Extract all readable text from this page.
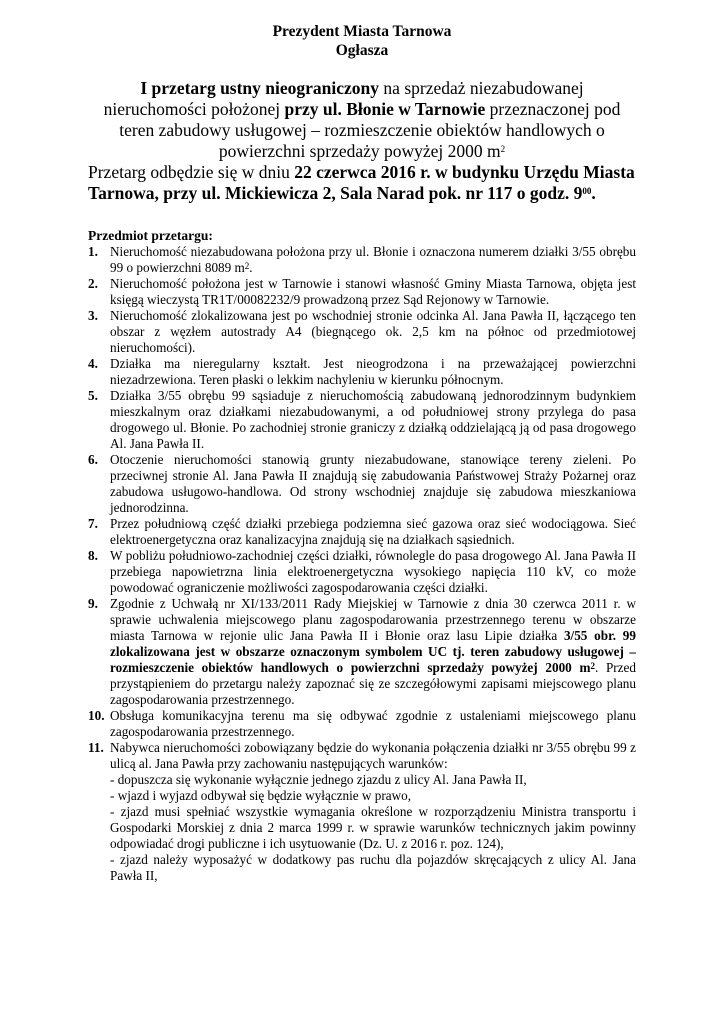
Prezydent Miasta Tarnowa
Ogłasza
I przetarg ustny nieograniczony na sprzedaż niezabudowanej nieruchomości położonej przy ul. Błonie w Tarnowie przeznaczonej pod teren zabudowy usługowej – rozmieszczenie obiektów handlowych o powierzchni sprzedaży powyżej 2000 $m^2$
Przetarg odbędzie się w dniu 22 czerwca 2016 r. w budynku Urzędu Miasta Tarnowa, przy ul. Mickiewicza 2, Sala Narad pok. nr 117 o godz. $9^{00}$.
Przedmiot przetargu:
1. Nieruchomość niezabudowana położona przy ul. Błonie i oznaczona numerem działki 3/55 obrębu 99 o powierzchni 8089 $m^2$.
2. Nieruchomość położona jest w Tarnowie i stanowi własność Gminy Miasta Tarnowa, objęta jest księgą wieczystą TR1T/00082232/9 prowadzoną przez Sąd Rejonowy w Tarnowie.
3. Nieruchomość zlokalizowana jest po wschodniej stronie odcinka Al. Jana Pawła II, łączącego ten obszar z węzłem autostrady A4 (biegnącego ok. 2,5 km na północ od przedmiotowej nieruchomości).
4. Działka ma nieregularny kształt. Jest nieogrodzona i na przeważającej powierzchni niezadrzewiona. Teren płaski o lekkim nachyleniu w kierunku północnym.
5. Działka 3/55 obrębu 99 sąsiaduje z nieruchomością zabudowaną jednorodzinnym budynkiem mieszkalnym oraz działkami niezabudowanymi, a od południowej strony przylega do pasa drogowego ul. Błonie. Po zachodniej stronie graniczy z działką oddzielającą ją od pasa drogowego Al. Jana Pawła II.
6. Otoczenie nieruchomości stanowią grunty niezabudowane, stanowiące tereny zieleni. Po przeciwnej stronie Al. Jana Pawła II znajdują się zabudowania Państwowej Straży Pożarnej oraz zabudowa usługowo-handlowa. Od strony wschodniej znajduje się zabudowa mieszkaniowa jednorodzinna.
7. Przez południową część działki przebiega podziemna sieć gazowa oraz sieć wodociągowa. Sieć elektroenergetyczna oraz kanalizacyjna znajdują się na działkach sąsiednich.
8. W pobliżu południowo-zachodniej części działki, równolegle do pasa drogowego Al. Jana Pawła II przebiega napowietrzna linia elektroenergetyczna wysokiego napięcia 110 kV, co może powodować ograniczenie możliwości zagospodarowania części działki.
9. Zgodnie z Uchwałą nr XI/133/2011 Rady Miejskiej w Tarnowie z dnia 30 czerwca 2011 r. w sprawie uchwalenia miejscowego planu zagospodarowania przestrzennego terenu w obszarze miasta Tarnowa w rejonie ulic Jana Pawła II i Błonie oraz lasu Lipie działka 3/55 obr. 99 zlokalizowana jest w obszarze oznaczonym symbolem UC tj. teren zabudowy usługowej – rozmieszczenie obiektów handlowych o powierzchni sprzedaży powyżej 2000 $m^2$. Przed przystąpieniem do przetargu należy zapoznać się ze szczegółowymi zapisami miejscowego planu zagospodarowania przestrzennego.
10. Obsługa komunikacyjna terenu ma się odbywać zgodnie z ustaleniami miejscowego planu zagospodarowania przestrzennego.
11. Nabywca nieruchomości zobowiązany będzie do wykonania połączenia działki nr 3/55 obrębu 99 z ulicą al. Jana Pawła przy zachowaniu następujących warunków:
- dopuszcza się wykonanie wyłącznie jednego zjazdu z ulicy Al. Jana Pawła II,
- wjazd i wyjazd odbywał się będzie wyłącznie w prawo,
- zjazd musi spełniać wszystkie wymagania określone w rozporządzeniu Ministra transportu i Gospodarki Morskiej z dnia 2 marca 1999 r. w sprawie warunków technicznych jakim powinny odpowiadać drogi publiczne i ich usytuowanie (Dz. U. z 2016 r. poz. 124),
- zjazd należy wyposażyć w dodatkowy pas ruchu dla pojazdów skręcających z ulicy Al. Jana Pawła II,
